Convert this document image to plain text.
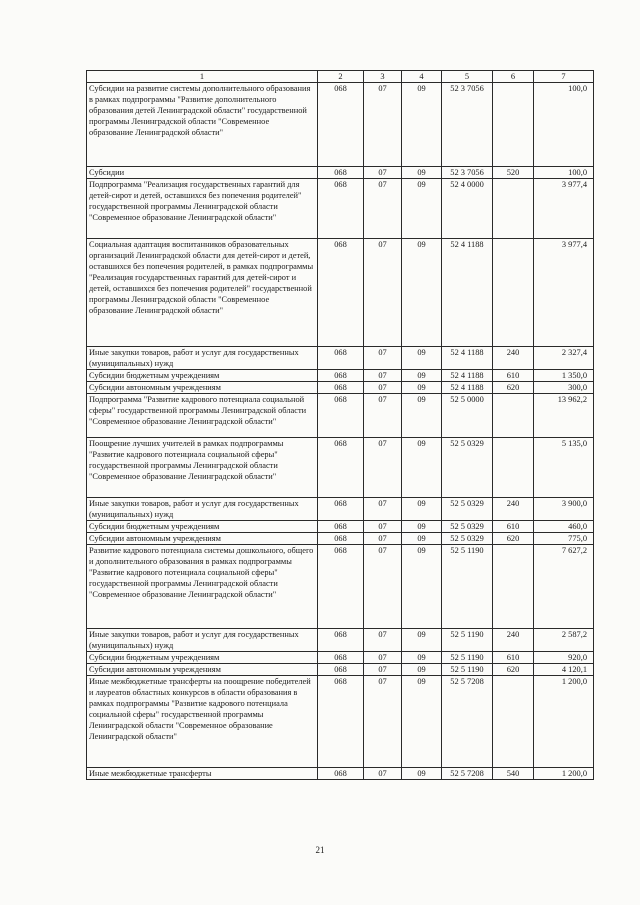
1	2	3	4	5	6	7
Субсидии на развитие системы дополнительного образования в рамках подпрограммы "Развитие дополнительного образования детей Ленинградской области" государственной программы Ленинградской области "Современное образование Ленинградской области"	068	07	09	52 3 7056		100,0
Субсидии	068	07	09	52 3 7056	520	100,0
Подпрограмма "Реализация государственных гарантий для детей-сирот и детей, оставшихся без попечения родителей" государственной программы Ленинградской области "Современное образование Ленинградской области"	068	07	09	52 4 0000		3 977,4
Социальная адаптация воспитанников образовательных организаций Ленинградской области для детей-сирот и детей, оставшихся без попечения родителей, в рамках подпрограммы "Реализация государственных гарантий для детей-сирот и детей, оставшихся без попечения родителей" государственной программы Ленинградской области "Современное образование Ленинградской области"	068	07	09	52 4 1188		3 977,4
Иные закупки товаров, работ и услуг для государственных (муниципальных) нужд	068	07	09	52 4 1188	240	2 327,4
Субсидии бюджетным учреждениям	068	07	09	52 4 1188	610	1 350,0
Субсидии автономным учреждениям	068	07	09	52 4 1188	620	300,0
Подпрограмма "Развитие кадрового потенциала социальной сферы" государственной программы Ленинградской области "Современное образование Ленинградской области"	068	07	09	52 5 0000		13 962,2
Поощрение лучших учителей в рамках подпрограммы "Развитие кадрового потенциала социальной сферы" государственной программы Ленинградской области "Современное образование Ленинградской области"	068	07	09	52 5 0329		5 135,0
Иные закупки товаров, работ и услуг для государственных (муниципальных) нужд	068	07	09	52 5 0329	240	3 900,0
Субсидии бюджетным учреждениям	068	07	09	52 5 0329	610	460,0
Субсидии автономным учреждениям	068	07	09	52 5 0329	620	775,0
Развитие кадрового потенциала системы дошкольного, общего и дополнительного образования в рамках подпрограммы "Развитие кадрового потенциала социальной сферы" государственной программы Ленинградской области "Современное образование Ленинградской области"	068	07	09	52 5 1190		7 627,2
Иные закупки товаров, работ и услуг для государственных (муниципальных) нужд	068	07	09	52 5 1190	240	2 587,2
Субсидии бюджетным учреждениям	068	07	09	52 5 1190	610	920,0
Субсидии автономным учреждениям	068	07	09	52 5 1190	620	4 120,1
Иные межбюджетные трансферты на поощрение победителей и лауреатов областных конкурсов в области образования в рамках подпрограммы "Развитие кадрового потенциала социальной сферы" государственной программы Ленинградской области "Современное образование Ленинградской области"	068	07	09	52 5 7208		1 200,0
Иные межбюджетные трансферты	068	07	09	52 5 7208	540	1 200,0
21
